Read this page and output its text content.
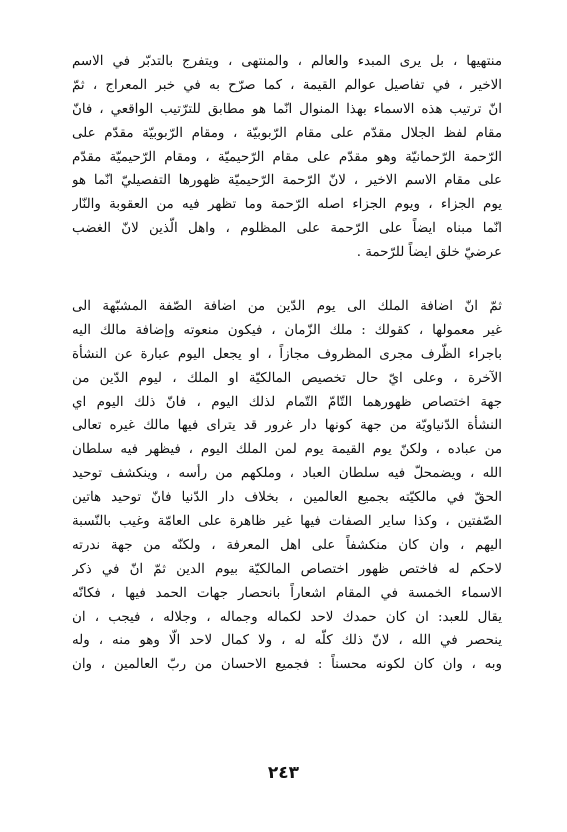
منتهيها ، بل يرى المبدء والعالم ، والمنتهى ، ويتفرج بالتدبّر في الاسم
الاخير ، في تفاصيل عوالم القيمة ، كما صرّح به في خبر المعراج ، ثمّ
انّ ترتيب هذه الاسماء بهذا المنوال انّما هو مطابق للترّتيب الواقعي ، فانّ
مقام لفظ الجلال مقدّم على مقام الرّبوبيّة ، ومقام الرّبوبيّة مقدّم على
الرّحمة الرّحمانيّة وهو مقدّم على مقام الرّحيميّة ، ومقام الرّحيميّة مقدّم
على مقام الاسم الاخير ، لانّ الرّحمة الرّحيميّة ظهورها التفصيليّ انّما هو
يوم الجزاء ، ويوم الجزاء اصله الرّحمة وما تظهر فيه من العقوبة والنّار
انّما مبناه ايضاً على الرّحمة على المظلوم ، واهل الّذين لانّ الغضب
عرضيّ خلق ايضاً للرّحمة .
ثمّ انّ اضافة الملك الى يوم الدّين من اضافة الصّفة المشبّهة الى
غير معمولها ، كقولك : ملك الزّمان ، فيكون منعوته وإضافة مالك اليه
باجراء الظّرف مجرى المظروف مجازاً ، او يجعل اليوم عبارة عن النشأة
الآخرة ، وعلى ايّ حال تخصيص المالكيّة او الملك ، ليوم الدّين من
جهة اختصاص ظهورهما التّامّ التّمام لذلك اليوم ، فانّ ذلك اليوم اي
النشأة الدّنياويّة من جهة كونها دار غرور قد يترای فيها مالك غيره تعالى
من عباده ، ولكنّ يوم القيمة يوم لمن الملك اليوم ، فيظهر فيه سلطان
الله ، ويضمحلّ فيه سلطان العباد ، وملكهم من رأسه ، وينكشف توحيد
الحقّ في مالكيّته بجميع العالمين ، بخلاف دار الدّنيا فانّ توحيد هاتين
الصّفتين ، وكذا ساير الصفات فيها غير ظاهرة على العامّة وغيب بالنّسبة
اليهم ، وان كان منكشفاً على اهل المعرفة ، ولكنّه من جهة ندرته
لاحكم له فاختص ظهور اختصاص المالكيّة بيوم الدين ثمّ انّ في ذكر
الاسماء الخمسة في المقام اشعاراً بانحصار جهات الحمد فيها ، فكانّه
يقال للعبد: ان كان حمدك لاحد لكماله وجماله ، وجلاله ، فيجب ، ان
ينحصر في الله ، لانّ ذلك كلّه له ، ولا كمال لاحد الّا وهو منه ، وله
وبه ، وان كان لكونه محسناً : فجميع الاحسان من ربّ العالمين ، وان
٢٤٣
